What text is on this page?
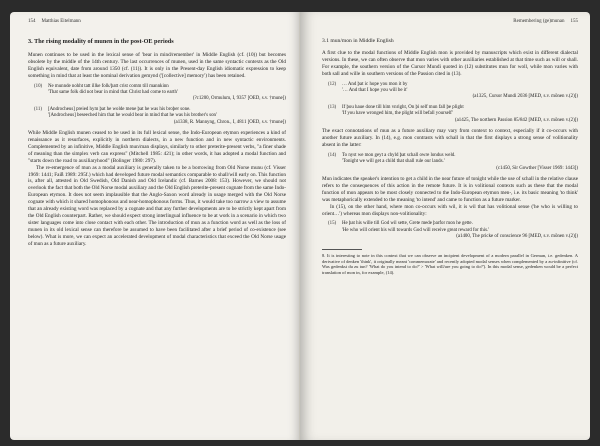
154 Matthias Eitelmann
3. The rising modality of munen in the post-OE periods

Munen continues to be used in the lexical sense of 'bear in mind/remember' in Middle English (cf. (10)) but becomes obsolete by the middle of the 14th century. The last occurrences of munen, used in the same syntactic contexts as the Old English equivalent, date from around 1350 (cf. (11)). It is only in the Present-day English idiomatic expression to keep something in mind that at least the nominal derivation gemynd ('[collective] memory') has been retained.

(10)	Ne munnde nohht tatt illke folk/þatt crist comm till mannkinn
'That same folk did not bear in mind that Christ had come to earth'
(?c1200, Ormulum, I, 9357 [OED, s.v. †mune])
(11)	[Androcheus] preied hym þat he wolde mene þat he was his broþer sone.
'[Androcheus] beseeched him that he would bear in mind that he was his brother's son'
(a1338, R. Mannyng, Chron., I, 4811 [OED, s.v. †mune])

While Middle English munen ceased to be used in its full lexical sense, the Indo-European etymon experiences a kind of renaissance as it resurfaces, explicitly in northern dialects, in a new function and in new syntactic environments. Complemented by an infinitive, Middle English mun/man displays, similarly to other preterite-present verbs, "a finer shade of meaning than the simplex verb can express" (Mitchell 1985: 421); in other words, it has adopted a modal function and "starts down the road to auxiliaryhood" (Bolinger 1980: 297).

The re-emergence of mun as a modal auxiliary is generally taken to be a borrowing from Old Norse munu (cf. Visser 1969: 1441; Faiß 1989: 295f.) which had developed future modal semantics comparable to shall/will early on. This function is, after all, attested in Old Swedish, Old Danish and Old Icelandic (cf. Barnes 2008: 153). However, we should not overlook the fact that both the Old Norse modal auxiliary and the Old English preterite-present cognate from the same Indo-European etymon. It does not seem implausible that the Anglo-Saxon word already in usage merged with the Old Norse cognate with which it shared homophonous and near-homophonous forms. Thus, it would take too narrow a view to assume that an already existing word was replaced by a cognate and that any further developments are to be strictly kept apart from the Old English counterpart. Rather, we should expect strong interlingual influence to be at work in a scenario in which two sister languages come into close contact with each other. The introduction of mun as a function word as well as the loss of munen in its old lexical sense can therefore be assumed to have been facilitated after a brief period of co-existence (see below). What is more, we can expect an accelerated development of modal characteristics that exceed the Old Norse usage of mun as a future auxiliary.

Remembering (ge)munan 155
3.1 mun/mon in Middle English

A first clue to the modal functions of Middle English mon is provided by manuscripts which exist in different dialectal versions. In these, we can often observe that mon varies with other auxiliaries established at that time such as will or shall. For example, the southern version of the Cursor Mundi quoted in (12) substitutes mun for woll, while mon varies with both sall and wille in southern versions of the Passion cited in (13).

(12)	… And þat ic hope you mon it by
'… And that I hope you will be it'
(a1325, Cursor Mundi 2036 [MED, s.v. mōnen v.(2)])
(13)	If þou haue done till him vnright, On þi self mun fall þe plight
'If you have wronged him, the plight will befall yourself'
(a1425, The northern Passion 85/842 [MED, s.v. mōnen v.(2)])

The exact connotations of mun as a future auxiliary may vary from context to context, especially if it co-occurs with another future auxiliary. In (14), e.g. mon contrasts with schall in that the first displays a strong sense of volitionality absent in the latter:

(14)	To nyst we mon geyt a chyld þat schall owre londus weld.
'Tonight we will get a child that shall rule our lands.'
(c1450, Sir Gowther [Visser 1969: 1443])

Mun indicates the speaker's intention to get a child in the near future of tonight while the use of schall in the relative clause refers to the consequences of this action in the remote future. It is in volitional contexts such as these that the modal function of mon appears to be most closely connected to the Indo-European etymon men-, i.e. its basic meaning 'to think' was metaphorically extended to the meaning 'to intend' and came to function as a future marker.

In (15), on the other hand, where mon co-occurs with wil, it is wil that has volitional sense ('he who is willing to orient…') whereas mon displays non-volitionality:

(15)	He þat his wille till God wil sette, Grete mede þarfor mon he gette.
'He who will orient his will towards God will receive great reward for this.'
(a1400, The pricke of conscience 96 [MED, s.v. mōnen v.(2)])

8. It is interesting to note in this context that we can observe an incipient development of a modern parallel in German, i.e. gedenken. A derivative of denken 'think', it originally meant 'commemorate' and recently adopted modal senses when complemented by a zu-infinitive (cf. Was gedenkst du zu tun? 'What do you intend to do?' > 'What will/are you going to do?'). In this modal sense, gedenken would be a perfect translation of mon in, for example, (14).
